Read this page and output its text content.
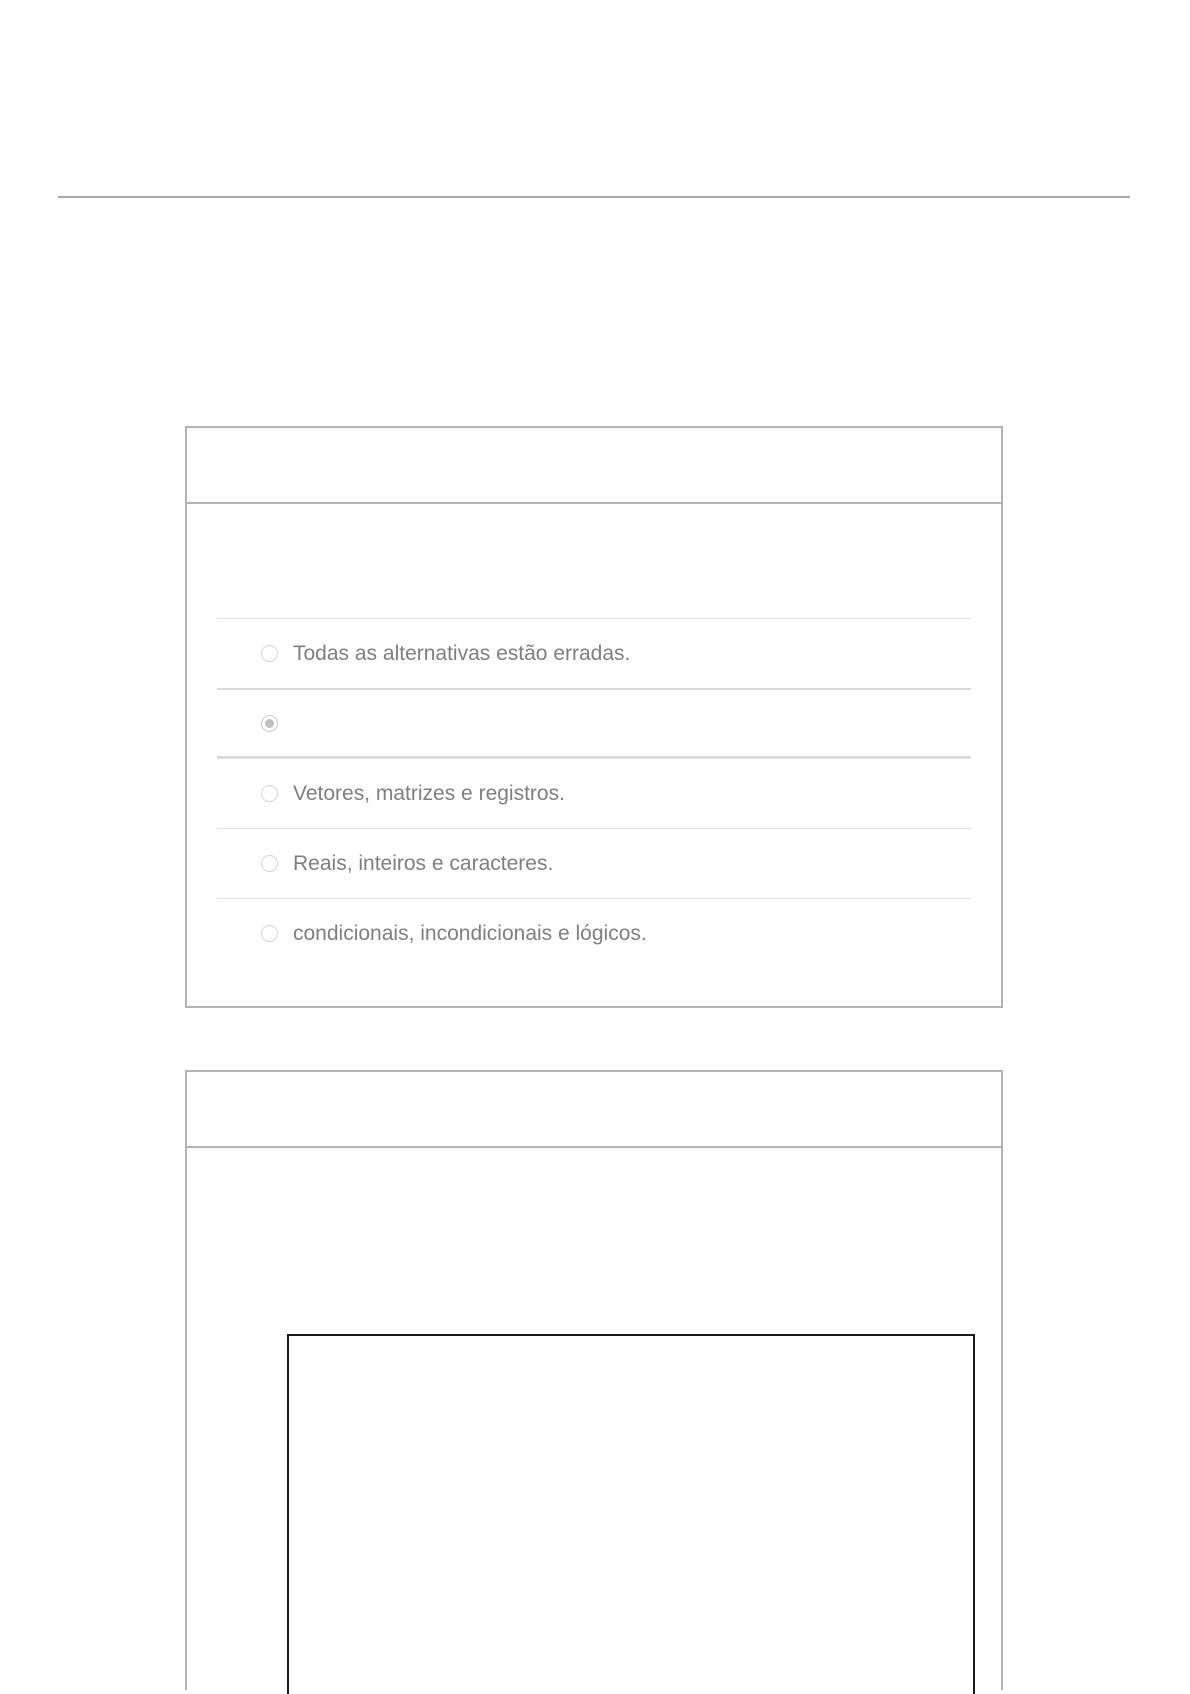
Todas as alternativas estão erradas.
Vetores, matrizes e registros.
Reais, inteiros e caracteres.
condicionais, incondicionais e lógicos.
